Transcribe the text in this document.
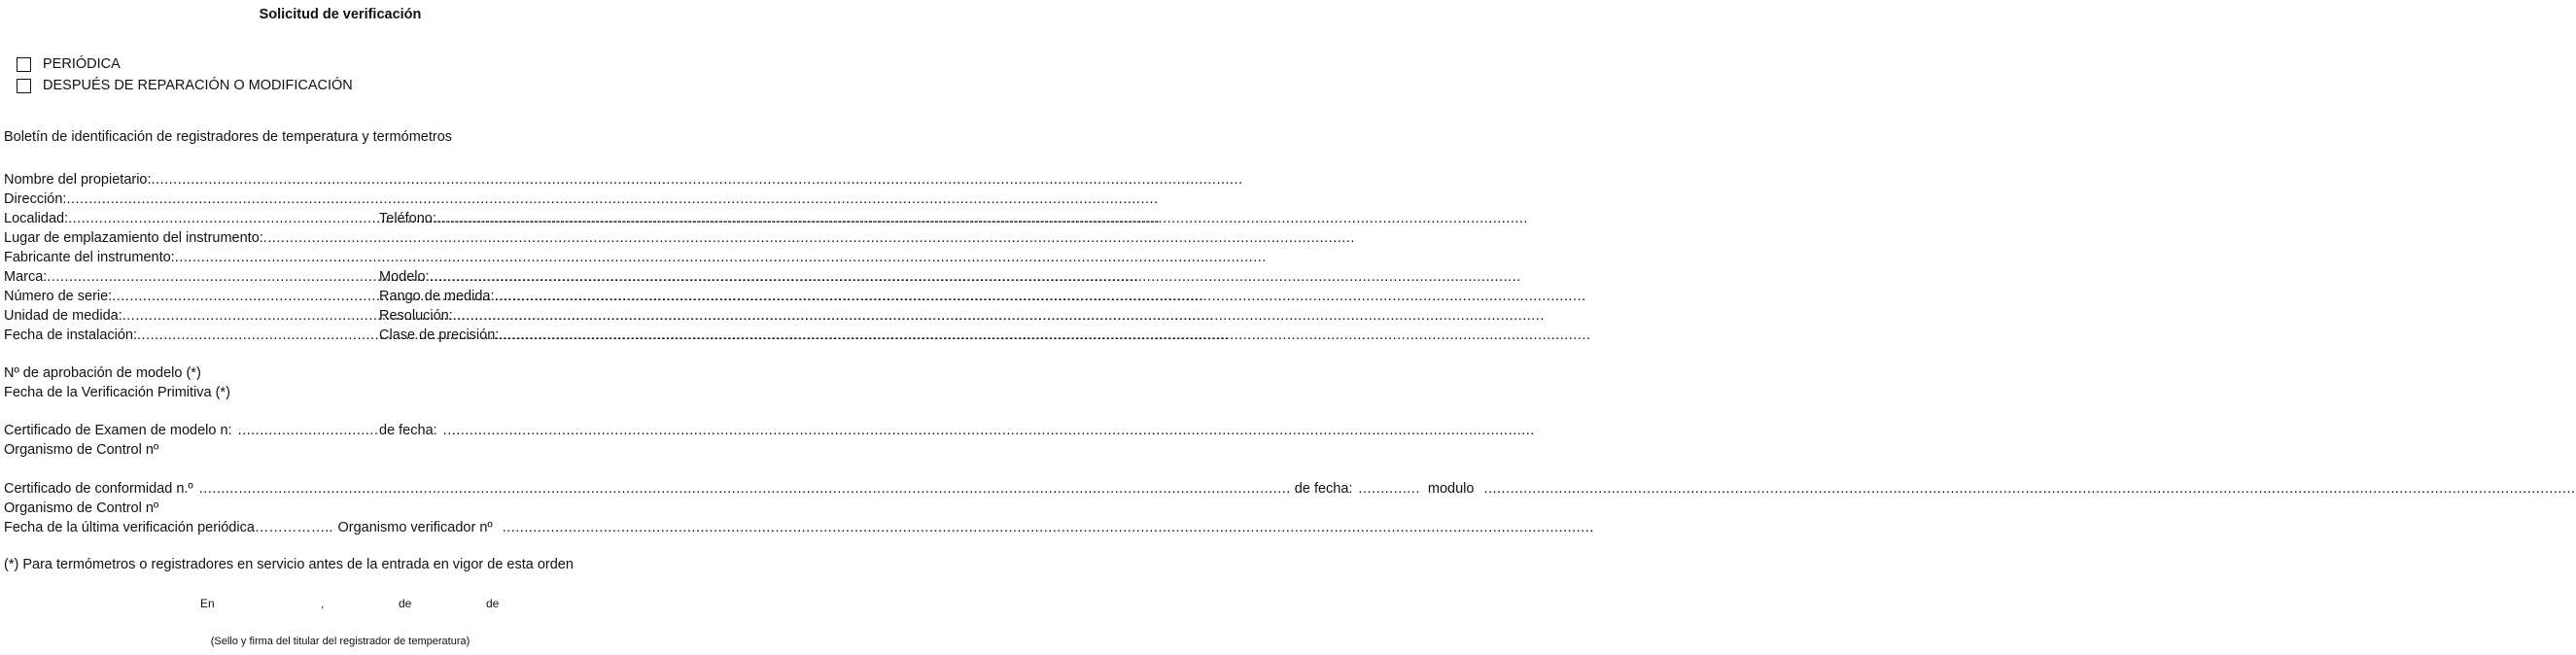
Solicitud de verificación
PERIÓDICA
DESPUÉS DE REPARACIÓN O MODIFICACIÓN
Boletín de identificación de registradores de temperatura y termómetros
Nombre del propietario:
.....
Dirección:
.....
Localidad: .....	Teléfono:
.....
Lugar de emplazamiento del instrumento:
.....
Fabricante del instrumento:
.....
Marca: .....	Modelo:
.....
Número de serie: .....	Rango de medida:
.....
Unidad de medida: .....	Resolución:
.....
Fecha de instalación: .....	Clase de precisión:
.....
Nº de aprobación de modelo (*)
Fecha de la Verificación Primitiva (*)
Certificado de Examen de modelo n: .....	de fecha:
.....
Organismo de Control nº
Certificado de conformidad n.º .....	de fecha: .............. modulo
.....
Organismo de Control nº
Fecha de la última verificación periódica …………….. Organismo verificador nº
.....
(*) Para termómetros o registradores en servicio antes de la entrada en vigor de esta orden
En	,	de	de
(Sello y firma del titular del registrador de temperatura)
